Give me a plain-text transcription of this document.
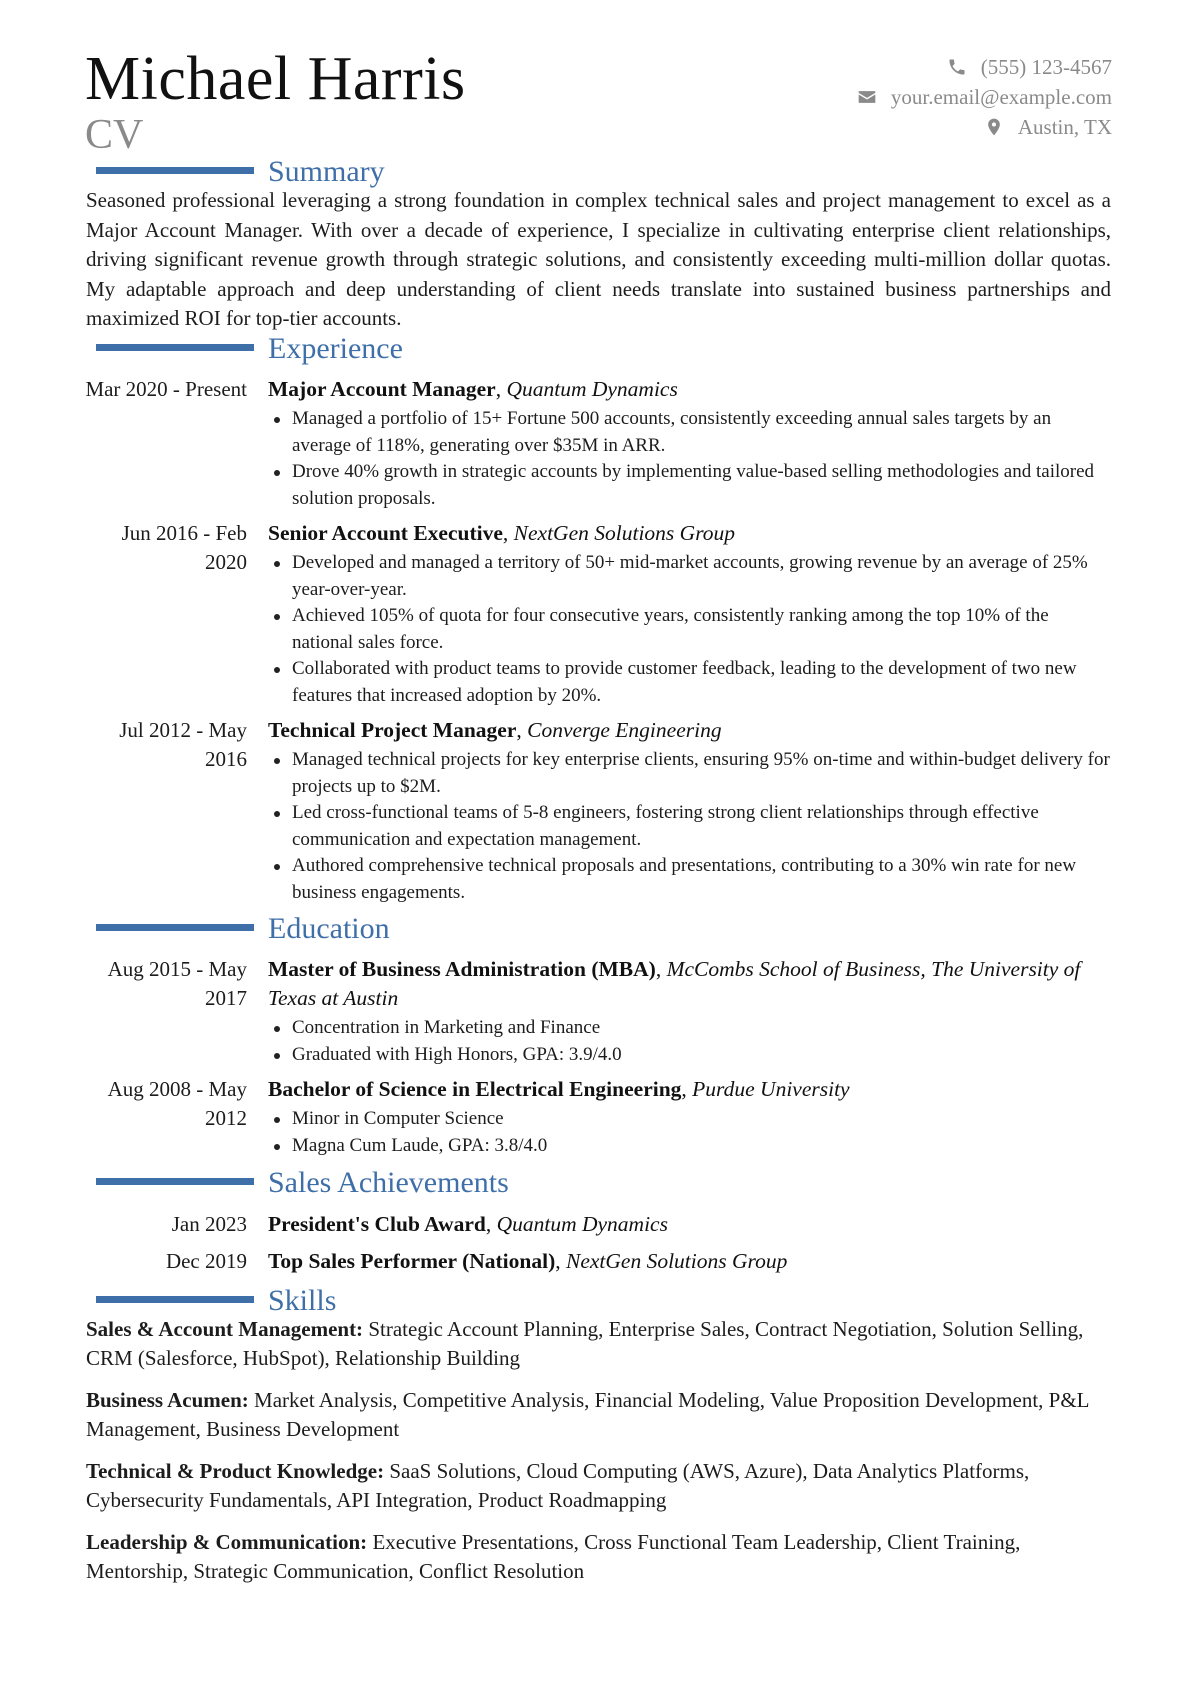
Michael Harris
CV
(555) 123-4567
your.email@example.com
Austin, TX
Summary
Seasoned professional leveraging a strong foundation in complex technical sales and project management to excel as a Major Account Manager. With over a decade of experience, I specialize in cultivating enterprise client relationships, driving significant revenue growth through strategic solutions, and consistently exceeding multi-million dollar quotas. My adaptable approach and deep understanding of client needs translate into sustained business partnerships and maximized ROI for top-tier accounts.
Experience
Mar 2020 - Present Major Account Manager, Quantum Dynamics
Managed a portfolio of 15+ Fortune 500 accounts, consistently exceeding annual sales targets by an average of 118%, generating over $35M in ARR.
Drove 40% growth in strategic accounts by implementing value-based selling methodologies and tailored solution proposals.
Jun 2016 - Feb 2020
Senior Account Executive, NextGen Solutions Group
Developed and managed a territory of 50+ mid-market accounts, growing revenue by an average of 25% year-over-year.
Achieved 105% of quota for four consecutive years, consistently ranking among the top 10% of the national sales force.
Collaborated with product teams to provide customer feedback, leading to the development of two new features that increased adoption by 20%.
Jul 2012 - May 2016
Technical Project Manager, Converge Engineering
Managed technical projects for key enterprise clients, ensuring 95% on-time and within-budget delivery for projects up to $2M.
Led cross-functional teams of 5-8 engineers, fostering strong client relationships through effective communication and expectation management.
Authored comprehensive technical proposals and presentations, contributing to a 30% win rate for new business engagements.
Education
Aug 2015 - May 2017
Master of Business Administration (MBA), McCombs School of Business, The University of Texas at Austin
Concentration in Marketing and Finance
Graduated with High Honors, GPA: 3.9/4.0
Aug 2008 - May 2012
Bachelor of Science in Electrical Engineering, Purdue University
Minor in Computer Science
Magna Cum Laude, GPA: 3.8/4.0
Sales Achievements
Jan 2023 President's Club Award, Quantum Dynamics
Dec 2019 Top Sales Performer (National), NextGen Solutions Group
Skills
Sales & Account Management: Strategic Account Planning, Enterprise Sales, Contract Negotiation, Solution Selling, CRM (Salesforce, HubSpot), Relationship Building
Business Acumen: Market Analysis, Competitive Analysis, Financial Modeling, Value Proposition Development, P&L Management, Business Development
Technical & Product Knowledge: SaaS Solutions, Cloud Computing (AWS, Azure), Data Analytics Platforms, Cybersecurity Fundamentals, API Integration, Product Roadmapping
Leadership & Communication: Executive Presentations, Cross Functional Team Leadership, Client Training, Mentorship, Strategic Communication, Conflict Resolution
